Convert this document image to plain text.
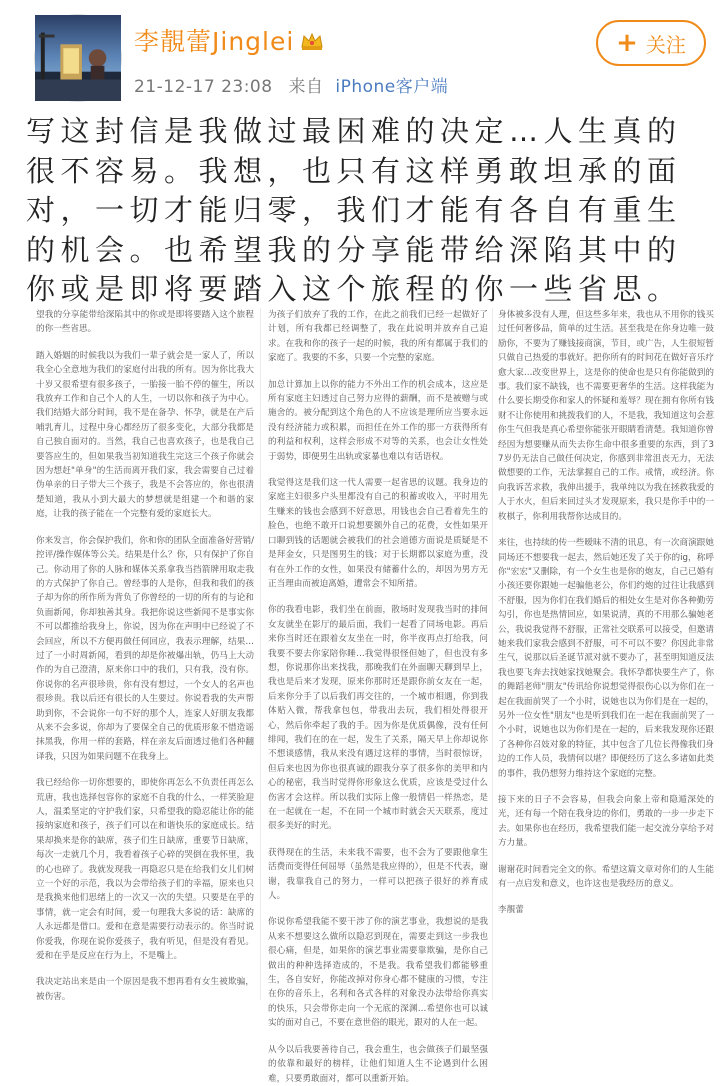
李靚蕾Jinglei
21-12-17 23:08 来自 iPhone客户端
+ 关注
写这封信是我做过最困难的决定…人生真的很不容易。我想，也只有这样勇敢坦承的面对，一切才能归零，我们才能有各自有重生的机会。也希望我的分享能带给深陷其中的你或是即将要踏入这个旅程的你一些省思。

望我的分享能带给深陷其中的你或是即将要踏入这个旅程的你一些省思。

踏入婚姻的时候我以为我们一辈子就会是一家人了，所以我全心全意地为我们的家庭付出我的所有。因为你比我大十岁又很希望有很多孩子，一胎接一胎不停的催生，所以我放弃工作和自己个人的人生，一切以你和孩子为中心。我们结婚大部分时间，我不是在备孕、怀孕，就是在产后哺乳育儿，过程中身心都经历了很多变化，大部分我都是自己独自面对的。当然，我自己也喜欢孩子，也是我自己要答应生的，但如果我当初知道我生完这三个孩子你就会因为想赶"单身"的生活而离开我们家，我会需要自己过着伪单亲的日子带大三个孩子，我是不会答应的，你也很清楚知道，我从小到大最大的梦想就是组建一个和谐的家庭，让我的孩子能在一个完整有爱的家庭长大。

你来发言，你会保护我们，你和你的团队全面准备好营销/控评/操作媒体等公关。结果是什么？你，只有保护了你自己。你动用了你的人脉和媒体关系拿我当挡箭牌用取走我的方式保护了你自己。曾经事的人是你，但我和我们的孩子却为你的所作所为背负了你曾经的一切的所有的与论和负面新闻，你却独善其身。我把你说这些新闻不是事实你不可以都推给我身上，你说，因为你在声明中已经说了不会回应，所以不方便再做任何回应，我表示理解，结果…过了一小时周新闻，看到的却是你被爆出轨，仍马上大动作的为自己澄清，原来你口中的我们，只有我，没有你。你说你的名声很珍贵，你有没有想过，一个女人的名声也很珍贵。我以后还有很长的人生要过。你说看我的失声帮助到你，不会说你一句不好的那个人，连家人好朋友我都从来不会多说，你却为了要保全自己的优质形象不惜造谣抹黑我，你用一样的套路，样在亲友后面透过他们各种翻译我，只因为如果问题不在我身上。

我已经给你一切你想要的，即使你再怎么不负责任再怎么荒唐，我也选择包容你的家庭不自我的什么，一样笑脸迎人，温柔坚定的守护我们家，只希望我的隐忍能让你的能接纳家庭和孩子，孩子们可以在和谐快乐的家庭成长。结果却换来是你的缺席，孩子们生日缺席，重要节日缺席，每次一走就几个月，我看着孩子心碎的哭倒在我怀里，我的心也碎了。我就发现我一再隐忍只是在给我们女儿们树立一个好的示范，我以为会带给孩子们的幸福，原来也只是我换来他们思绪上的一次又一次的失望。只要是在乎的事情，就一定会有时间，爱一句理我大多说的话：缺席的人永远都是借口。爱和在意是需要行动表示的。你当时说你爱我，你现在说你爱孩子，我有听见，但是没有看见。爱和在乎是反应在行为上，不是嘴上。

我决定站出来是由一个原因是我不想再看有女生被欺骗，被伤害。

为孩子们放弃了我的工作，在此之前我们已经一起做好了计划，所有我都已经调整了，我在此说明并放弃自己追求。在我和你的孩子一起的时候，我的所有都属于我们的家庭了。我要的不多，只要一个完整的家庭。

加总计算加上以你的能力不外出工作的机会成本，这应是所有家庭主妇透过自己努力应得的薪酬，而不是被赠与或施舍的。被分配到这个角色的人不应该是理所应当要永远没有经济能力或积累，而担任在外工作的那一方获得所有的利益和权利，这样会形成不对等的关系，也会让女性处于弱势，即便男生出轨或家暴也难以有话语权。

我觉得这是我们这一代人需要一起省思的议题。我身边的家庭主妇很多户头里都没有自己的积蓄或收入，平时用先生赚来的钱也会感到不好意思，用钱也会自己看着先生的脸色，也绝不敢开口说想要额外自己的花费，女性如果开口聊到钱的话题就会被我们的社会道德方面说是质疑是不是拜金女，只是图男生的钱；对于长期都以家庭为重，没有在外工作的女性，如果没有储蓄什么的，却因为男方无正当理由而被迫离婚，遭常会不知所措。

你的我看电影，我们坐在前面，散场时发现我当时的排间女友就坐在影厅的最后面，我们一起看了同场电影。再后来你当时还在跟着女友坐在一时，你半夜再点打给我，问我要不要去你家陪你睡…我觉得很怪但她了，但也没有多想，你说那你出来找我，那晚我们在外面聊天聊到早上，我也是后来才发现，原来你那时还是跟你前女友在一起，后来你分手了以后我们再交往的，一个城市相遇，你到我体贴入微，帮我拿包包，带我出去玩，我们相处得很开心，然后你牵起了我的手。因为你是优质偶像，没有任何绯闻，我们在的在一起，发生了关系，隔天早上你却说你不想谈感情，我从来没有遇过这样的事情，当时很惊讶，但后来也因为你也很真诚的跟我分享了很多你的美甲和内心的秘密，我当时觉得你形象这么优质，应该是受过什么伤害才会这样。所以我们实际上像一般情侣一样热恋，是在一起就在一起，不在同一个城市时就会天天联系，度过很多美好的时光。

获得现在的生活，未来我不需要，也不会为了要跟他拿生活费而变得任何屈辱（虽然是我应得的），但是不代表，谢谢，我靠我自己的努力，一样可以把孩子很好的养育成人。

你说你希望我能不要干涉了你的演艺事业，我想说的是我从来不想要这么做所以隐忍到现在，需要走到这一步我也很心痛，但是，如果你的演艺事业需要靠欺骗，是你自己做出的种种选择造成的，不是我。我希望我们都能够重生，各自安好，你能改掉对你身心都不健康的习惯，专注在你的音乐上，名利和各式各样的对象没办法带给你真实的快乐，只会带你走向一个无底的深渊…希望你也可以诚实的面对自己，不要在意世俗的眼光，跟对的人在一起。

从今以后我要善待自己，我会重生，也会做孩子们最坚强的依靠和最好的榜样，让他们知道人生不论遇到什么困难，只要勇敢面对，都可以重新开始。

身体被多没有人理，但这些多年来，我也从不用你的钱买过任何奢侈品，简单的过生活。甚至我是在你身边唯一鼓励你，不要为了赚钱接商演，节目，或广告，人生很短暂只做自己热爱的事就好。把你所有的时间花在做好音乐疗愈大家…改变世界上，这是你的使命也是只有你能做到的事。我们家不缺钱，也不需要更奢华的生活。这样我能为什么要长期受你和家人的怀疑和羞辱？现在拥有你所有钱财不让你使用和挑拨我们的人，不是我，我知道这句会惹你生气但我是真心希望你能张开眼睛看清楚。我知道你曾经因为想要赚从而失去你生命中很多重要的东西，到了37岁仍无法自己做任何决定，你感到非常沮丧无力，无法做想要的工作，无法掌握自己的工作。戒情，或经济。你向我诉苦求救，我伸出援手，我单纯以为我在拯救我爱的人于水火，但后来回过头才发现原来，我只是你手中的一枚棋子，你利用我帮你达成目的。

来往，也持续的传一些暧昧不清的讯息，有一次商演跟她同场还不想要我一起去，然后她还发了关于你的ig，称呼你"宏宏"又删除，有一个女生也是你的炮友，自己已婚有小孩还要你跟她一起骗他老公，你们约炮的过往让我感到不舒服，因为你们在我们婚后的相处女生是对你各种勤劳勾引，你也是热情回应，如果说清，真的不用那么骗她老公，我说我觉得不舒服，正常社交联系可以接受，但邀请她来我们家我会感到不舒服，可不可以不要？你因此非常生气，说那以后圣诞节派对就不要办了，甚至明知道反法我也要飞奔去找她家找她聚会。我怀孕都快要生产了，你的舞蹈老师"朋友"传讯给你说想觉得很伤心以为你们在一起在我面前哭了一个小时，说她也以为你们是在一起的，另外一位女性"朋友"也是听到我们在一起在我面前哭了一个小时，说她也以为你们是在一起的，后来我发现你还跟了各种你召妓对象的特征，其中包含了几位长得像我们身边的工作人员，我情何以堪？即便经历了这么多诸如此类的事件，我仍想努力维持这个家庭的完整。

接下来的日子不会容易，但我会向象上帝和隐遁深处的光，还有每一个陪在我身边的你们，勇敢的一步一步走下去。如果你也在经历，我希望我们能一起交流分享给予对方力量。

谢谢花时间看完全文的你。希望这篇文章对你们的人生能有一点启发和意义，也许这也是我经历的意义。

李靚蕾
